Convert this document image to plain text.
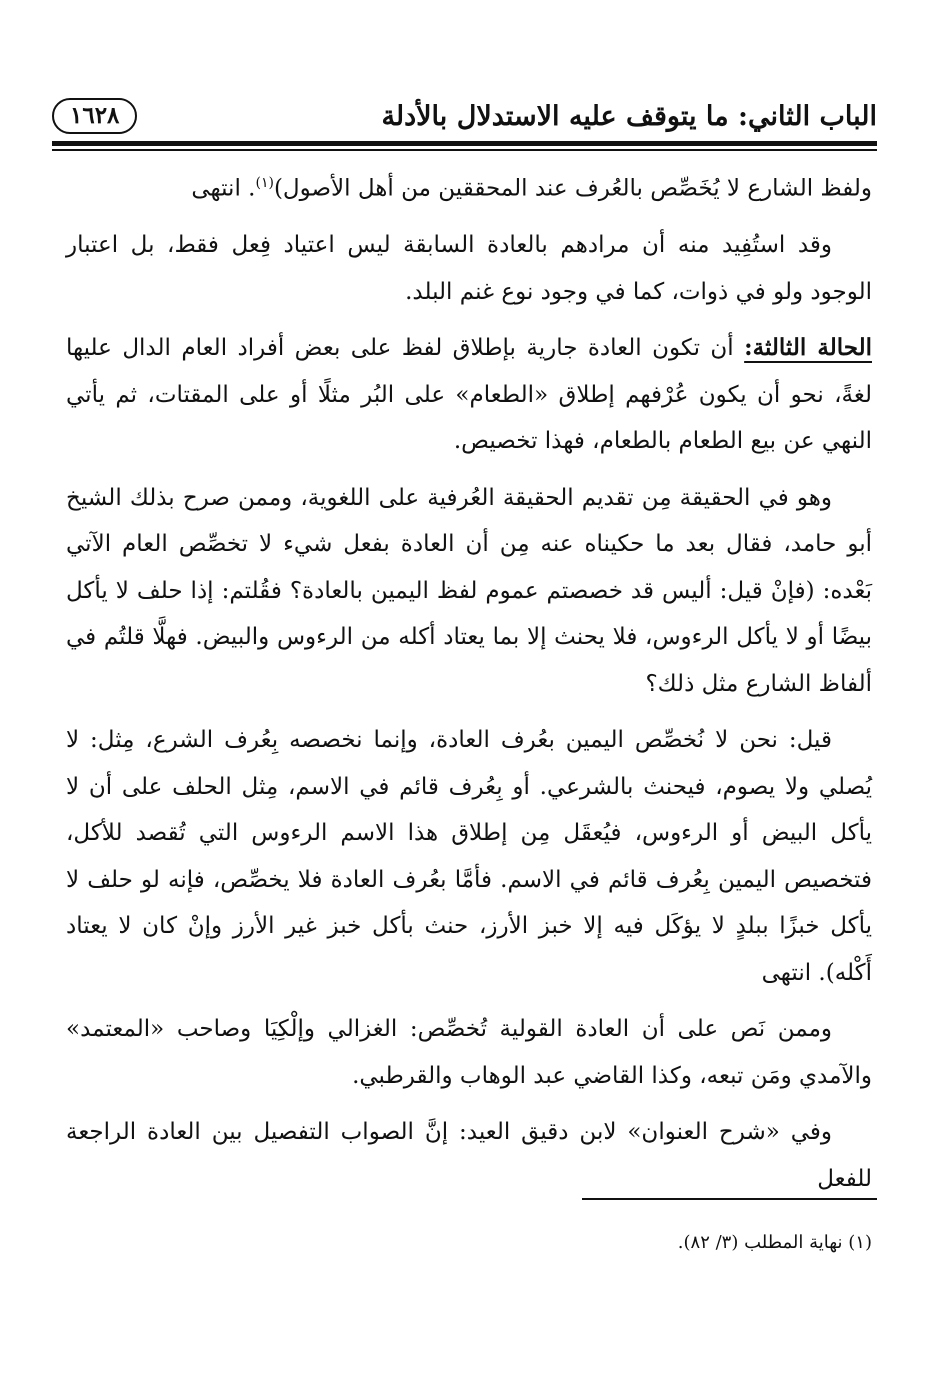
الباب الثاني: ما يتوقف عليه الاستدلال بالأدلة
١٦٢٨

ولفظ الشارع لا يُخَصِّص بالعُرف عند المحققين من أهل الأصول)$^{(١)}$. انتهى

وقد استُفِيد منه أن مرادهم بالعادة السابقة ليس اعتياد فِعل فقط، بل اعتبار الوجود ولو في ذوات، كما في وجود نوع غنم البلد.

الحالة الثالثة: أن تكون العادة جارية بإطلاق لفظ على بعض أفراد العام الدال عليها لغةً، نحو أن يكون عُرْفهم إطلاق «الطعام» على البُر مثلًا أو على المقتات، ثم يأتي النهي عن بيع الطعام بالطعام، فهذا تخصيص.

وهو في الحقيقة مِن تقديم الحقيقة العُرفية على اللغوية، وممن صرح بذلك الشيخ أبو حامد، فقال بعد ما حكيناه عنه مِن أن العادة بفعل شيء لا تخصِّص العام الآتي بَعْده: (فإنْ قيل: أليس قد خصصتم عموم لفظ اليمين بالعادة؟ فقُلتم: إذا حلف لا يأكل بيضًا أو لا يأكل الرءوس، فلا يحنث إلا بما يعتاد أكله من الرءوس والبيض. فهلَّا قلتُم في ألفاظ الشارع مثل ذلك؟

قيل: نحن لا نُخصِّص اليمين بعُرف العادة، وإنما نخصصه بِعُرف الشرع، مِثل: لا يُصلي ولا يصوم، فيحنث بالشرعي. أو بِعُرف قائم في الاسم، مِثل الحلف على أن لا يأكل البيض أو الرءوس، فيُعقَل مِن إطلاق هذا الاسم الرءوس التي تُقصد للأكل، فتخصيص اليمين بِعُرف قائم في الاسم. فأمَّا بعُرف العادة فلا يخصِّص، فإنه لو حلف لا يأكل خبزًا ببلدٍ لا يؤكَل فيه إلا خبز الأرز، حنث بأكل خبز غير الأرز وإنْ كان لا يعتاد أَكْله). انتهى

وممن نَص على أن العادة القولية تُخصِّص: الغزالي وإلْكِيَا وصاحب «المعتمد» والآمدي ومَن تبعه، وكذا القاضي عبد الوهاب والقرطبي.

وفي «شرح العنوان» لابن دقيق العيد: إنَّ الصواب التفصيل بين العادة الراجعة للفعل

(١) نهاية المطلب (٣/ ٨٢).
